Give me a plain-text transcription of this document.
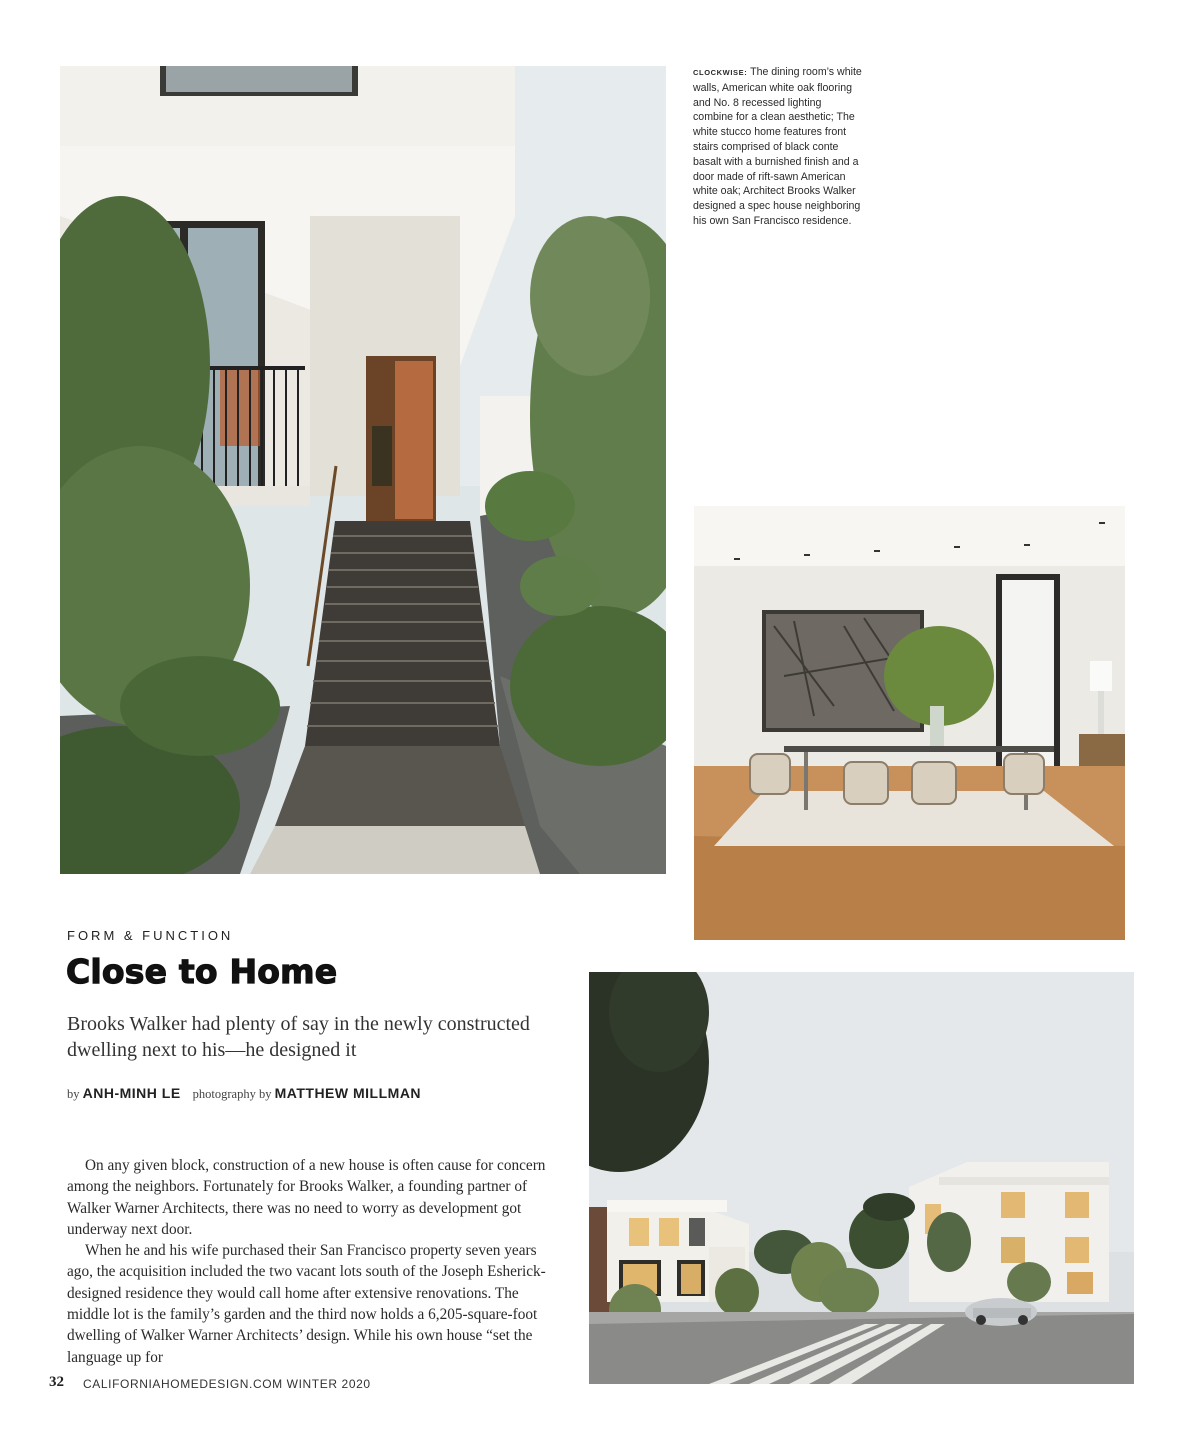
CLOCKWISE: The dining room’s white walls, American white oak flooring and No. 8 recessed lighting combine for a clean aesthetic; The white stucco home features front stairs comprised of black conte basalt with a burnished finish and a door made of rift-sawn American white oak; Architect Brooks Walker designed a spec house neighboring his own San Francisco residence.
FORM & FUNCTION
Close to Home
Brooks Walker had plenty of say in the newly constructed dwelling next to his—he designed it
by ANH-MINH LE photography by MATTHEW MILLMAN

On any given block, construction of a new house is often cause for concern among the neighbors. Fortunately for Brooks Walker, a founding partner of Walker Warner Architects, there was no need to worry as development got underway next door.

When he and his wife purchased their San Francisco property seven years ago, the acquisition included the two vacant lots south of the Joseph Esherick-designed residence they would call home after extensive renovations. The middle lot is the family’s garden and the third now holds a 6,205-square-foot dwelling of Walker Warner Architects’ design. While his own house “set the language up for

32 CALIFORNIAHOMEDESIGN.COM WINTER 2020
